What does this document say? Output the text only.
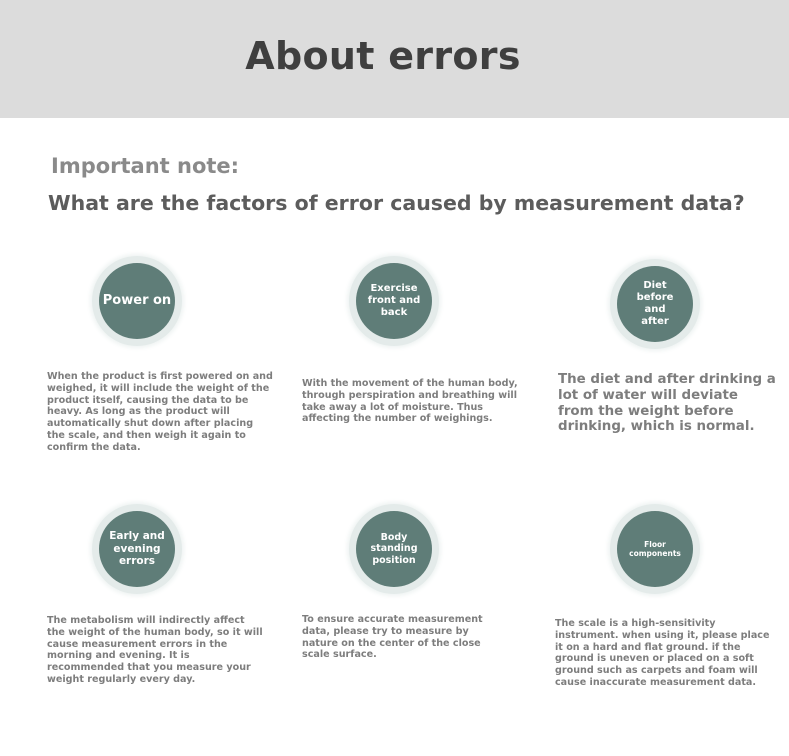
About errors

Important note:

What are the factors of error caused by measurement data?

Power on

When the product is first powered on and weighed, it will include the weight of the product itself, causing the data to be heavy. As long as the product will automatically shut down after placing the scale, and then weigh it again to confirm the data.

Exercise front and back

With the movement of the human body, through perspiration and breathing will take away a lot of moisture. Thus affecting the number of weighings.

Diet before and after

The diet and after drinking a lot of water will deviate from the weight before drinking, which is normal.

Early and evening errors

The metabolism will indirectly affect the weight of the human body, so it will cause measurement errors in the morning and evening. It is recommended that you measure your weight regularly every day.

Body standing position

To ensure accurate measurement data, please try to measure by nature on the center of the close scale surface.

Floor components

The scale is a high-sensitivity instrument. when using it, please place it on a hard and flat ground. if the ground is uneven or placed on a soft ground such as carpets and foam will cause inaccurate measurement data.
